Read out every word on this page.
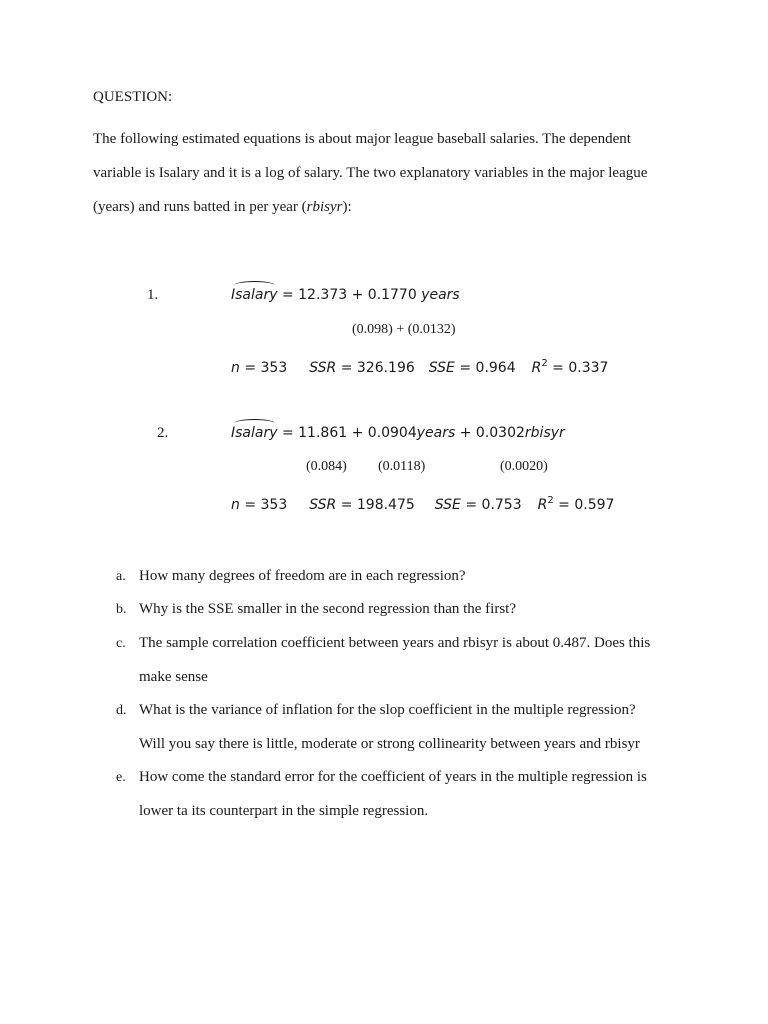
QUESTION:
The following estimated equations is about major league baseball salaries. The dependent
variable is Isalary and it is a log of salary. The two explanatory variables in the major league
(years) and runs batted in per year (rbisyr):
1.	Isalary = 12.373 + 0.1770 years
(0.098) + (0.0132)
n = 353 SSR = 326.196 SSE = 0.964 $R^2 = 0.337$
2.	Isalary = 11.861 + 0.0904years + 0.0302rbisyr
(0.084) (0.0118)	(0.0020)
n = 353 SSR = 198.475 SSE = 0.753 $R^2 = 0.597$
a. How many degrees of freedom are in each regression?
b. Why is the SSE smaller in the second regression than the first?
c. The sample correlation coefficient between years and rbisyr is about 0.487. Does this
make sense
d. What is the variance of inflation for the slop coefficient in the multiple regression?
Will you say there is little, moderate or strong collinearity between years and rbisyr
e. How come the standard error for the coefficient of years in the multiple regression is
lower ta its counterpart in the simple regression.
